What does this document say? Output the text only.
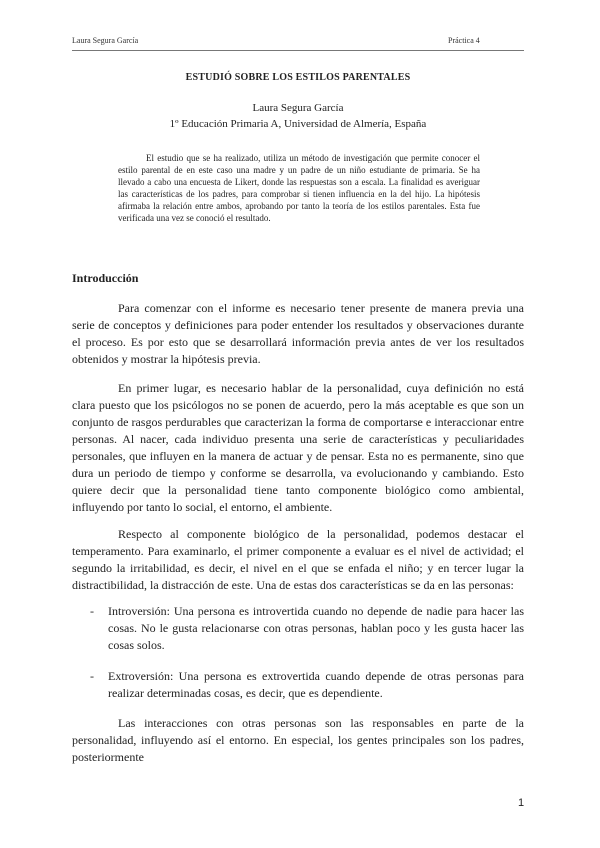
Laura Segura García	Práctica 4
ESTUDIÓ SOBRE LOS ESTILOS PARENTALES
Laura Segura García
1º Educación Primaria A, Universidad de Almería, España

El estudio que se ha realizado, utiliza un método de investigación que permite conocer el estilo parental de en este caso una madre y un padre de un niño estudiante de primaria. Se ha llevado a cabo una encuesta de Likert, donde las respuestas son a escala. La finalidad es averiguar las características de los padres, para comprobar si tienen influencia en la del hijo. La hipótesis afirmaba la relación entre ambos, aprobando por tanto la teoría de los estilos parentales. Esta fue verificada una vez se conoció el resultado.

Introducción

Para comenzar con el informe es necesario tener presente de manera previa una serie de conceptos y definiciones para poder entender los resultados y observaciones durante el proceso. Es por esto que se desarrollará información previa antes de ver los resultados obtenidos y mostrar la hipótesis previa.

En primer lugar, es necesario hablar de la personalidad, cuya definición no está clara puesto que los psicólogos no se ponen de acuerdo, pero la más aceptable es que son un conjunto de rasgos perdurables que caracterizan la forma de comportarse e interaccionar entre personas. Al nacer, cada individuo presenta una serie de características y peculiaridades personales, que influyen en la manera de actuar y de pensar. Esta no es permanente, sino que dura un periodo de tiempo y conforme se desarrolla, va evolucionando y cambiando. Esto quiere decir que la personalidad tiene tanto componente biológico como ambiental, influyendo por tanto lo social, el entorno, el ambiente.

Respecto al componente biológico de la personalidad, podemos destacar el temperamento. Para examinarlo, el primer componente a evaluar es el nivel de actividad; el segundo la irritabilidad, es decir, el nivel en el que se enfada el niño; y en tercer lugar la distractibilidad, la distracción de este. Una de estas dos características se da en las personas:

- Introversión: Una persona es introvertida cuando no depende de nadie para hacer las cosas. No le gusta relacionarse con otras personas, hablan poco y les gusta hacer las cosas solos.
- Extroversión: Una persona es extrovertida cuando depende de otras personas para realizar determinadas cosas, es decir, que es dependiente.

Las interacciones con otras personas son las responsables en parte de la personalidad, influyendo así el entorno. En especial, los gentes principales son los padres, posteriormente

1
